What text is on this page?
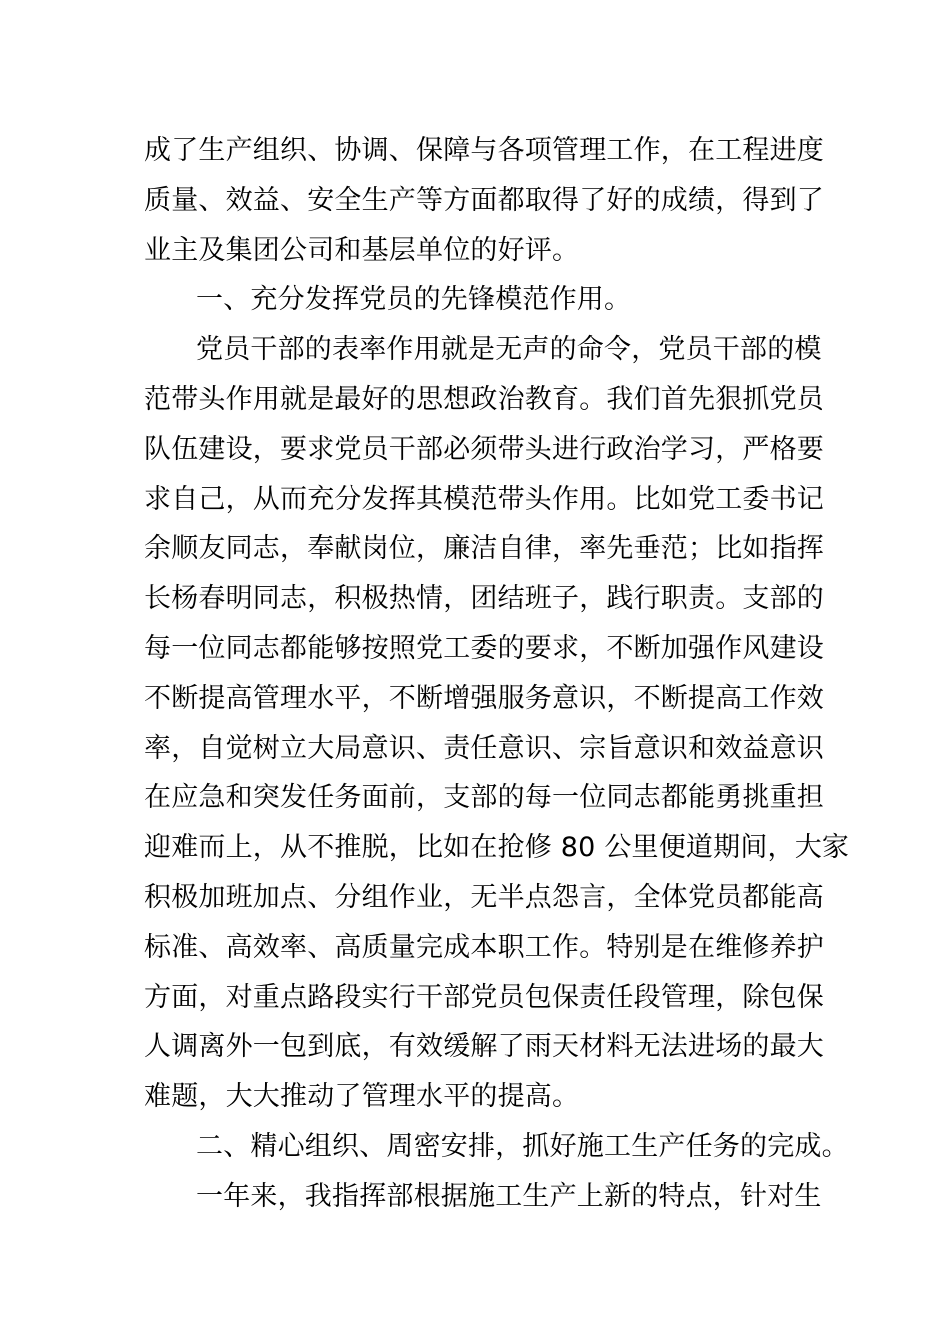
成了生产组织、协调、保障与各项管理工作，在工程进度
质量、效益、安全生产等方面都取得了好的成绩，得到了
业主及集团公司和基层单位的好评。
一、充分发挥党员的先锋模范作用。
党员干部的表率作用就是无声的命令，党员干部的模
范带头作用就是最好的思想政治教育。我们首先狠抓党员
队伍建设，要求党员干部必须带头进行政治学习，严格要
求自己，从而充分发挥其模范带头作用。比如党工委书记
余顺友同志，奉献岗位，廉洁自律，率先垂范；比如指挥
长杨春明同志，积极热情，团结班子，践行职责。支部的
每一位同志都能够按照党工委的要求，不断加强作风建设
不断提高管理水平，不断增强服务意识，不断提高工作效
率，自觉树立大局意识、责任意识、宗旨意识和效益意识
在应急和突发任务面前，支部的每一位同志都能勇挑重担
迎难而上，从不推脱，比如在抢修 80 公里便道期间，大家
积极加班加点、分组作业，无半点怨言，全体党员都能高
标准、高效率、高质量完成本职工作。特别是在维修养护
方面，对重点路段实行干部党员包保责任段管理，除包保
人调离外一包到底，有效缓解了雨天材料无法进场的最大
难题，大大推动了管理水平的提高。
二、精心组织、周密安排，抓好施工生产任务的完成。
一年来，我指挥部根据施工生产上新的特点，针对生
